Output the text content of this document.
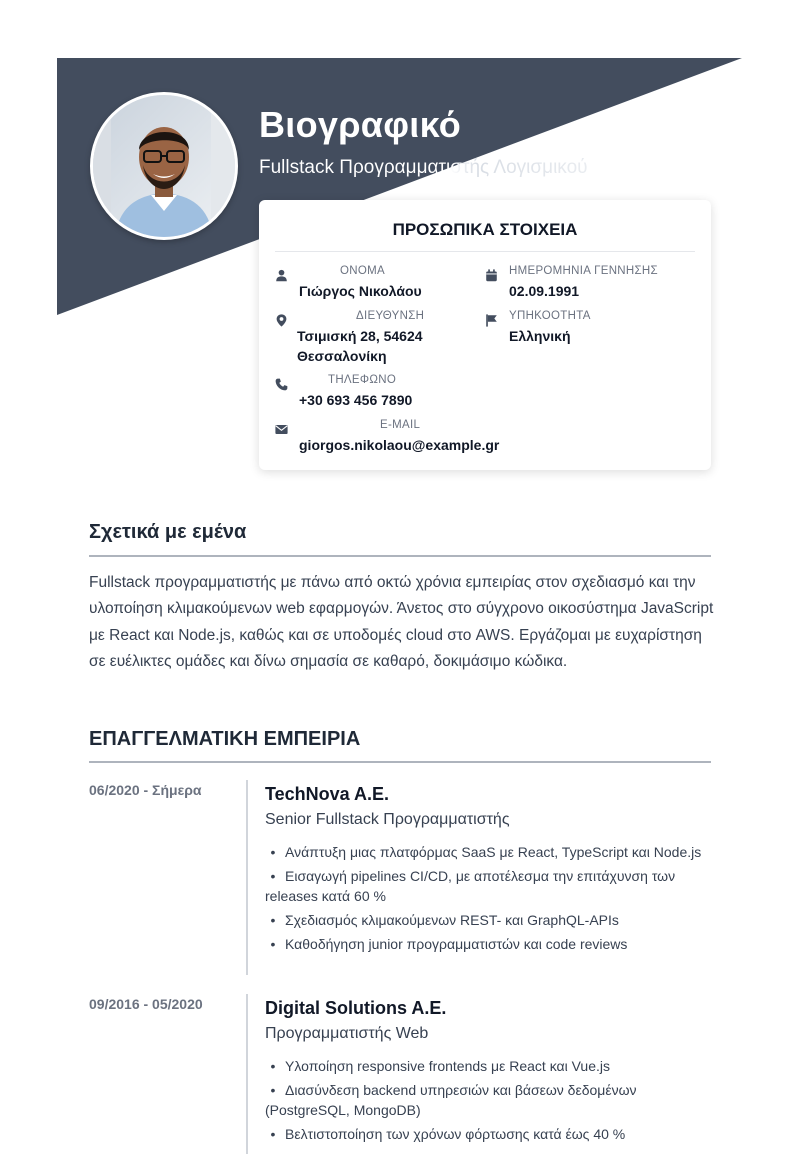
Βιογραφικό
Fullstack Προγραμματιστής Λογισμικού
ΠΡΟΣΩΠΙΚΑ ΣΤΟΙΧΕΙΑ
ΟΝΟΜΑ
Γιώργος Νικολάου
ΗΜΕΡΟΜΗΝΙΑ ΓΕΝΝΗΣΗΣ
02.09.1991
ΔΙΕΥΘΥΝΣΗ
Τσιμισκή 28, 54624
Θεσσαλονίκη
ΥΠΗΚΟΟΤΗΤΑ
Ελληνική
ΤΗΛΕΦΩΝΟ
+30 693 456 7890
E-MAIL
giorgos.nikolaou@example.gr
Σχετικά με εμένα

Fullstack προγραμματιστής με πάνω από οκτώ χρόνια εμπειρίας στον σχεδιασμό και την υλοποίηση κλιμακούμενων web εφαρμογών. Άνετος στο σύγχρονο οικοσύστημα JavaScript με React και Node.js, καθώς και σε υποδομές cloud στο AWS. Εργάζομαι με ευχαρίστηση σε ευέλικτες ομάδες και δίνω σημασία σε καθαρό, δοκιμάσιμο κώδικα.

ΕΠΑΓΓΕΛΜΑΤΙΚΗ ΕΜΠΕΙΡΙΑ
06/2020 - Σήμερα	TechNova A.E.
Senior Fullstack Προγραμματιστής
• Ανάπτυξη μιας πλατφόρμας SaaS με React, TypeScript και Node.js
• Εισαγωγή pipelines CI/CD, με αποτέλεσμα την επιτάχυνση των releases κατά 60 %
• Σχεδιασμός κλιμακούμενων REST- και GraphQL-APIs
• Καθοδήγηση junior προγραμματιστών και code reviews
09/2016 - 05/2020	Digital Solutions A.E.
Προγραμματιστής Web
• Υλοποίηση responsive frontends με React και Vue.js
• Διασύνδεση backend υπηρεσιών και βάσεων δεδομένων (PostgreSQL, MongoDB)
• Βελτιστοποίηση των χρόνων φόρτωσης κατά έως 40 %
